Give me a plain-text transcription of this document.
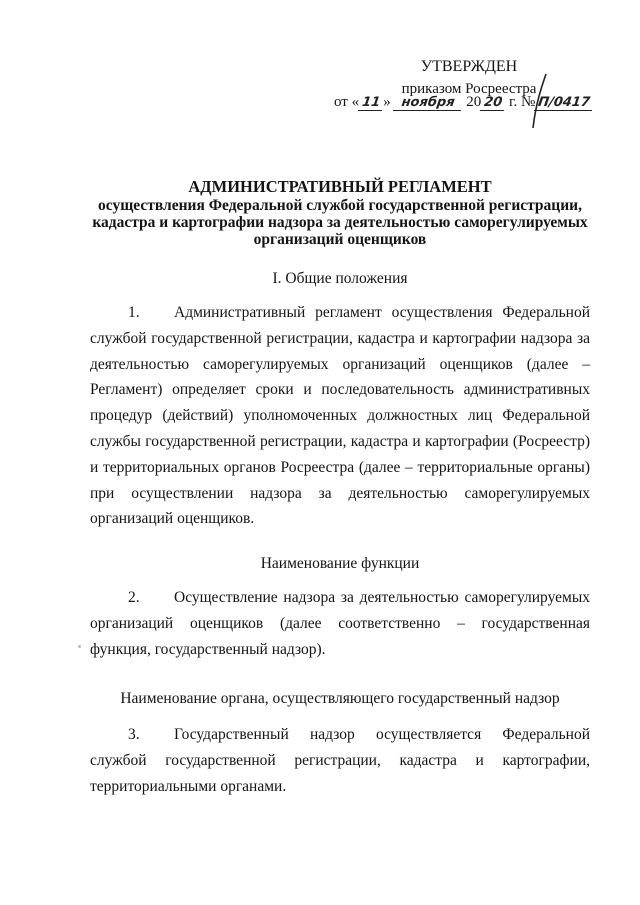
УТВЕРЖДЕН
приказом Росреестра
от « 11 » ноября 20 20 г. № П/0417
АДМИНИСТРАТИВНЫЙ РЕГЛАМЕНТ
осуществления Федеральной службой государственной регистрации, кадастра и картографии надзора за деятельностью саморегулируемых организаций оценщиков
I. Общие положения
1. Административный регламент осуществления Федеральной службой государственной регистрации, кадастра и картографии надзора за деятельностью саморегулируемых организаций оценщиков (далее – Регламент) определяет сроки и последовательность административных процедур (действий) уполномоченных должностных лиц Федеральной службы государственной регистрации, кадастра и картографии (Росреестр) и территориальных органов Росреестра (далее – территориальные органы) при осуществлении надзора за деятельностью саморегулируемых организаций оценщиков.
Наименование функции
2. Осуществление надзора за деятельностью саморегулируемых организаций оценщиков (далее соответственно – государственная функция, государственный надзор).
Наименование органа, осуществляющего государственный надзор
3. Государственный надзор осуществляется Федеральной службой государственной регистрации, кадастра и картографии, территориальными органами.
